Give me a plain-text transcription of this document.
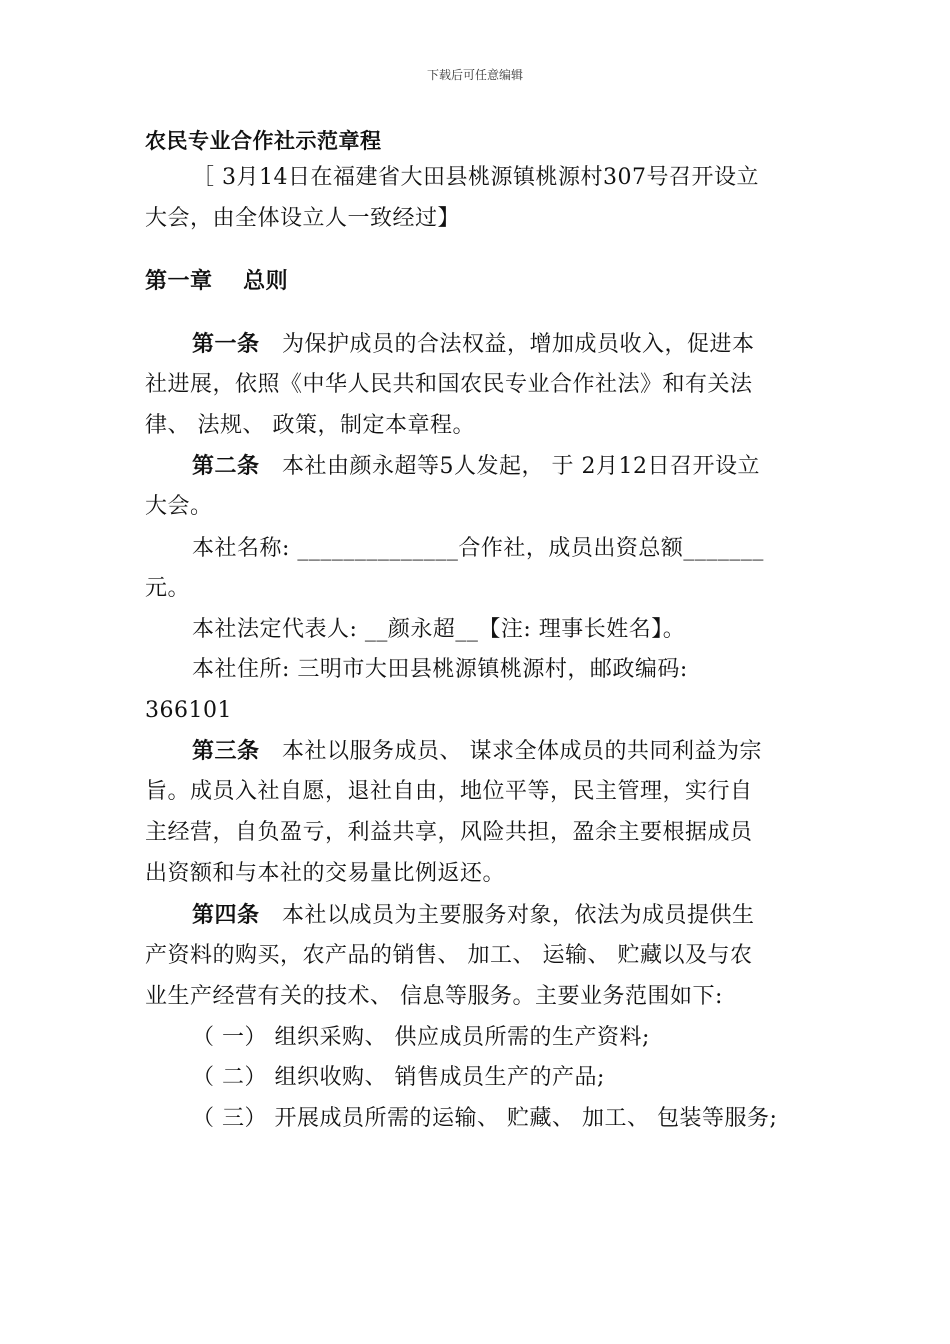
下载后可任意编辑
农民专业合作社示范章程
［ 3月14日在福建省大田县桃源镇桃源村307号召开设立
大会，由全体设立人一致经过】
第一章　 总则
第一条　为保护成员的合法权益，增加成员收入，促进本
社进展，依照《中华人民共和国农民专业合作社法》和有关法
律、 法规、 政策，制定本章程。
第二条　本社由颜永超等5人发起， 于 2月12日召开设立
大会。
本社名称: ______________合作社，成员出资总额_______
元。
本社法定代表人: __颜永超__【注: 理事长姓名】。
本社住所: 三明市大田县桃源镇桃源村，邮政编码:
366101
第三条　本社以服务成员、 谋求全体成员的共同利益为宗
旨。成员入社自愿，退社自由，地位平等，民主管理，实行自
主经营，自负盈亏，利益共享，风险共担，盈余主要根据成员
出资额和与本社的交易量比例返还。
第四条　本社以成员为主要服务对象，依法为成员提供生
产资料的购买，农产品的销售、 加工、 运输、 贮藏以及与农
业生产经营有关的技术、 信息等服务。主要业务范围如下:
（ 一） 组织采购、 供应成员所需的生产资料;
（ 二） 组织收购、 销售成员生产的产品;
（ 三） 开展成员所需的运输、 贮藏、 加工、 包装等服务;
